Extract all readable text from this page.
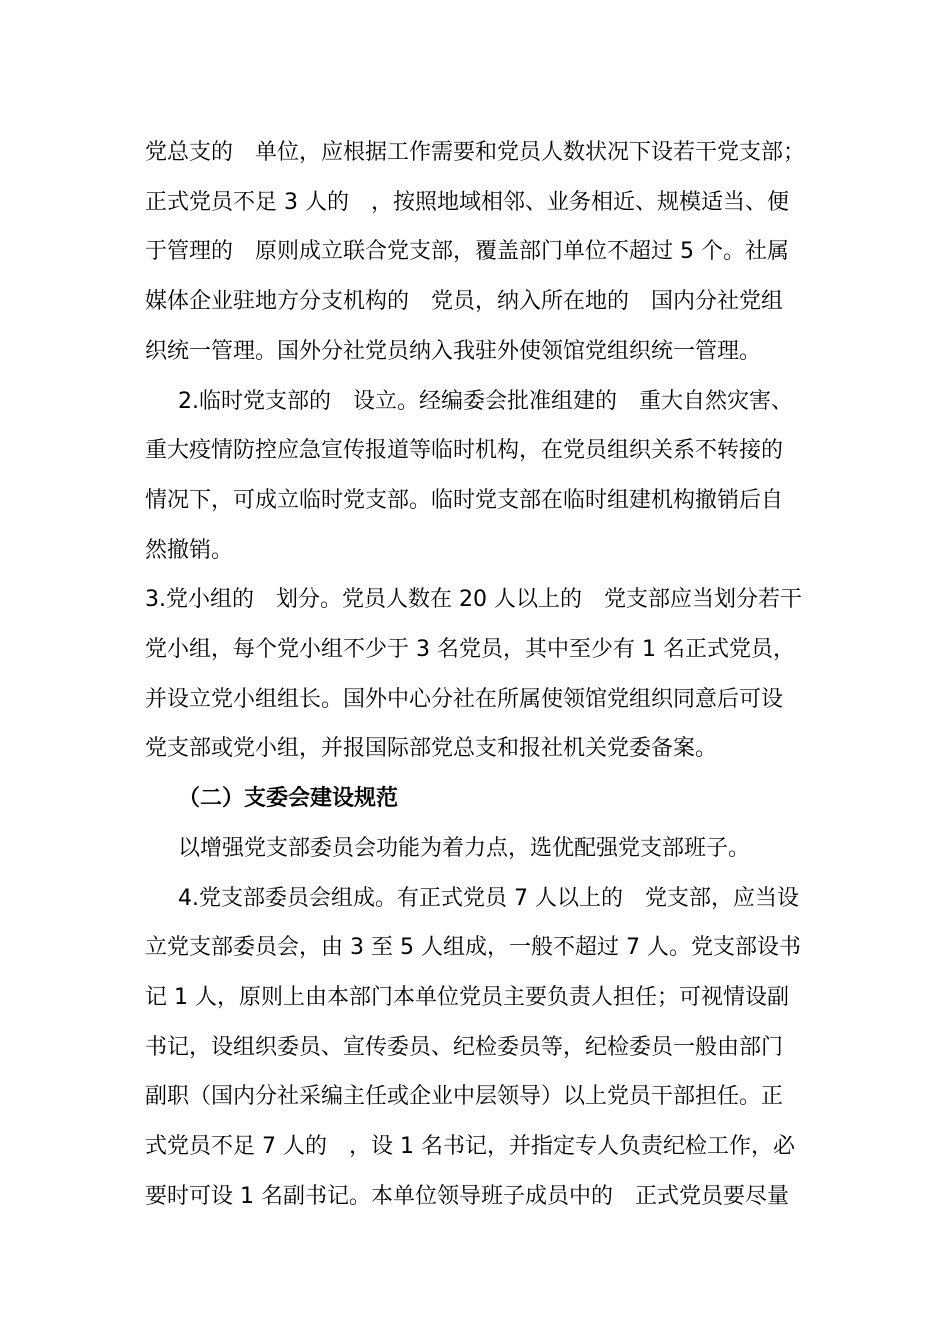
党总支的　单位，应根据工作需要和党员人数状况下设若干党支部；
正式党员不足 3 人的　，按照地域相邻、业务相近、规模适当、便
于管理的　原则成立联合党支部，覆盖部门单位不超过 5 个。社属
媒体企业驻地方分支机构的　党员，纳入所在地的　国内分社党组
织统一管理。国外分社党员纳入我驻外使领馆党组织统一管理。
2.临时党支部的　设立。经编委会批准组建的　重大自然灾害、
重大疫情防控应急宣传报道等临时机构，在党员组织关系不转接的
情况下，可成立临时党支部。临时党支部在临时组建机构撤销后自
然撤销。
3.党小组的　划分。党员人数在 20 人以上的　党支部应当划分若干
党小组，每个党小组不少于 3 名党员，其中至少有 1 名正式党员，
并设立党小组组长。国外中心分社在所属使领馆党组织同意后可设
党支部或党小组，并报国际部党总支和报社机关党委备案。
（二）支委会建设规范
以增强党支部委员会功能为着力点，选优配强党支部班子。
4.党支部委员会组成。有正式党员 7 人以上的　党支部，应当设
立党支部委员会，由 3 至 5 人组成，一般不超过 7 人。党支部设书
记 1 人，原则上由本部门本单位党员主要负责人担任；可视情设副
书记，设组织委员、宣传委员、纪检委员等，纪检委员一般由部门
副职（国内分社采编主任或企业中层领导）以上党员干部担任。正
式党员不足 7 人的　，设 1 名书记，并指定专人负责纪检工作，必
要时可设 1 名副书记。本单位领导班子成员中的　正式党员要尽量
